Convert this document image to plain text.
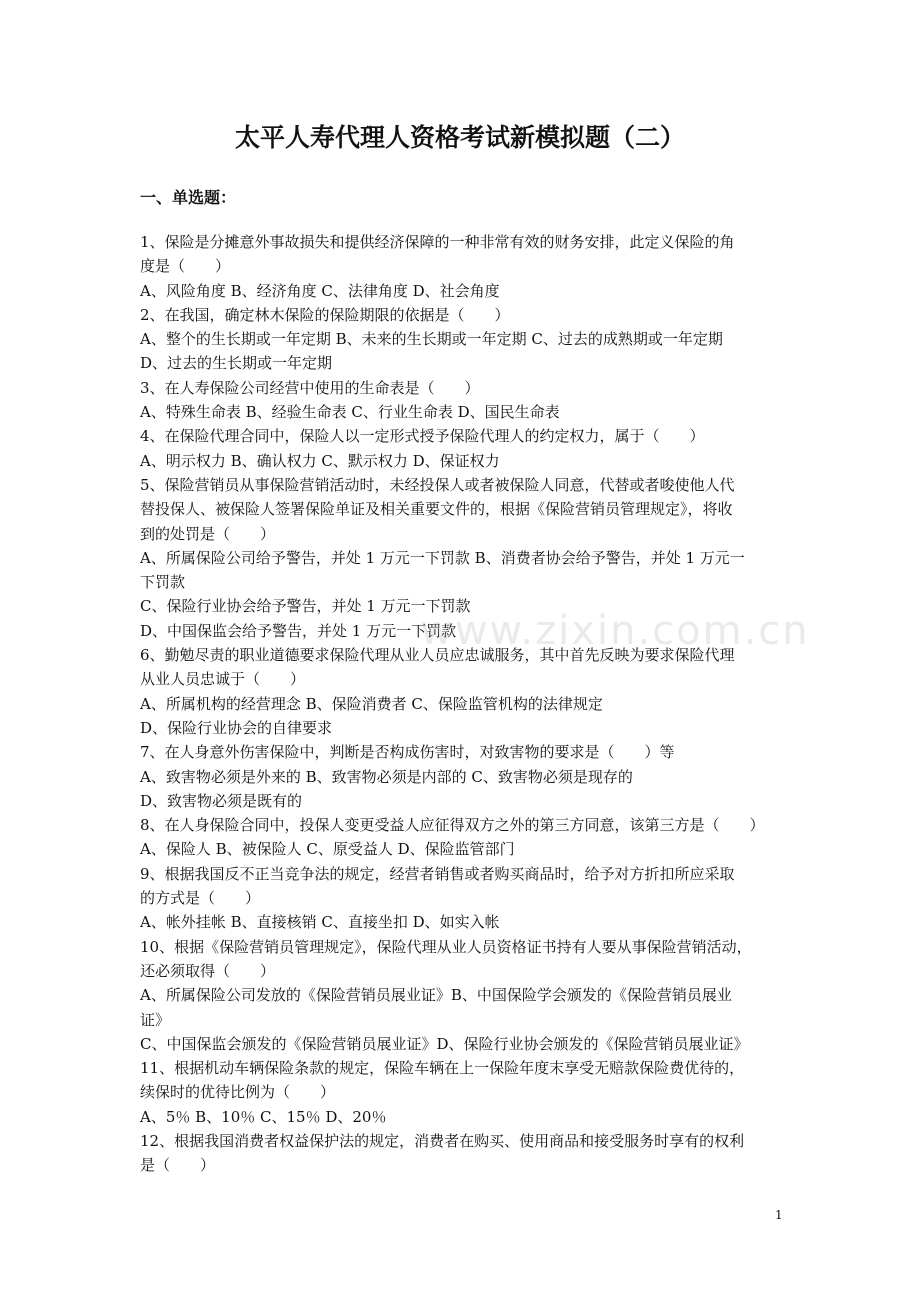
太平人寿代理人资格考试新模拟题（二）
一、单选题：
1、保险是分摊意外事故损失和提供经济保障的一种非常有效的财务安排，此定义保险的角
度是（　　）
A、风险角度 B、经济角度 C、法律角度 D、社会角度
2、在我国，确定林木保险的保险期限的依据是（　　）
A、整个的生长期或一年定期 B、未来的生长期或一年定期 C、过去的成熟期或一年定期
D、过去的生长期或一年定期
3、在人寿保险公司经营中使用的生命表是（　　）
A、特殊生命表 B、经验生命表 C、行业生命表 D、国民生命表
4、在保险代理合同中，保险人以一定形式授予保险代理人的约定权力，属于（　　）
A、明示权力 B、确认权力 C、默示权力 D、保证权力
5、保险营销员从事保险营销活动时，未经投保人或者被保险人同意，代替或者唆使他人代
替投保人、被保险人签署保险单证及相关重要文件的，根据《保险营销员管理规定》，将收
到的处罚是（　　）
A、所属保险公司给予警告，并处 1 万元一下罚款 B、消费者协会给予警告，并处 1 万元一
下罚款
C、保险行业协会给予警告，并处 1 万元一下罚款
D、中国保监会给予警告，并处 1 万元一下罚款
6、勤勉尽责的职业道德要求保险代理从业人员应忠诚服务，其中首先反映为要求保险代理
从业人员忠诚于（　　）
A、所属机构的经营理念 B、保险消费者 C、保险监管机构的法律规定
D、保险行业协会的自律要求
7、在人身意外伤害保险中，判断是否构成伤害时，对致害物的要求是（　　）等
A、致害物必须是外来的 B、致害物必须是内部的 C、致害物必须是现存的
D、致害物必须是既有的
8、在人身保险合同中，投保人变更受益人应征得双方之外的第三方同意，该第三方是（　　）
A、保险人 B、被保险人 C、原受益人 D、保险监管部门
9、根据我国反不正当竞争法的规定，经营者销售或者购买商品时，给予对方折扣所应采取
的方式是（　　）
A、帐外挂帐 B、直接核销 C、直接坐扣 D、如实入帐
10、根据《保险营销员管理规定》，保险代理从业人员资格证书持有人要从事保险营销活动，
还必须取得（　　）
A、所属保险公司发放的《保险营销员展业证》B、中国保险学会颁发的《保险营销员展业
证》
C、中国保监会颁发的《保险营销员展业证》D、保险行业协会颁发的《保险营销员展业证》
11、根据机动车辆保险条款的规定，保险车辆在上一保险年度末享受无赔款保险费优待的，
续保时的优待比例为（　　）
A、5％ B、10％ C、15％ D、20％
12、根据我国消费者权益保护法的规定，消费者在购买、使用商品和接受服务时享有的权利
是（　　）
www.zixin.com.cn
1
